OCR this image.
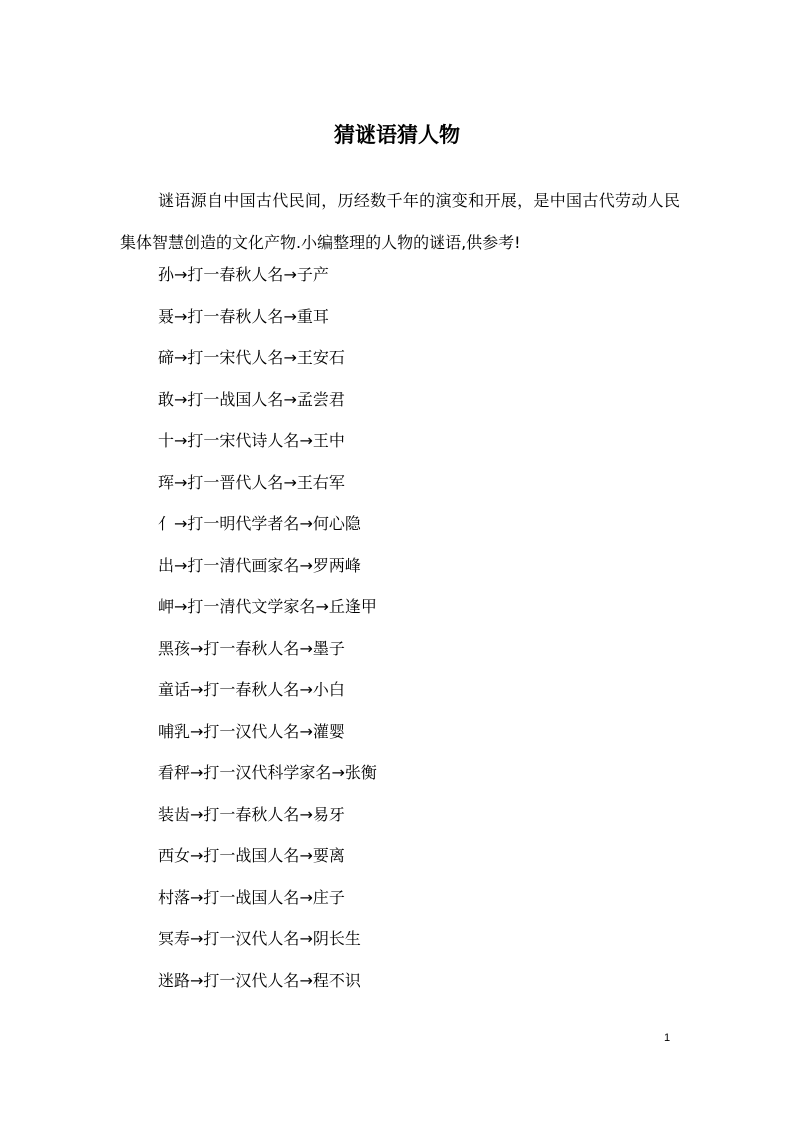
猜谜语猜人物
谜语源自中国古代民间，历经数千年的演变和开展，是中国古代劳动人民集体智慧创造的文化产物.小编整理的人物的谜语,供参考!
孙→打一春秋人名→子产
聂→打一春秋人名→重耳
碲→打一宋代人名→王安石
敢→打一战国人名→孟尝君
十→打一宋代诗人名→王中
珲→打一晋代人名→王右军
亻→打一明代学者名→何心隐
出→打一清代画家名→罗两峰
岬→打一清代文学家名→丘逢甲
黑孩→打一春秋人名→墨子
童话→打一春秋人名→小白
哺乳→打一汉代人名→灌婴
看秤→打一汉代科学家名→张衡
装齿→打一春秋人名→易牙
西女→打一战国人名→要离
村落→打一战国人名→庄子
冥寿→打一汉代人名→阴长生
迷路→打一汉代人名→程不识
1
